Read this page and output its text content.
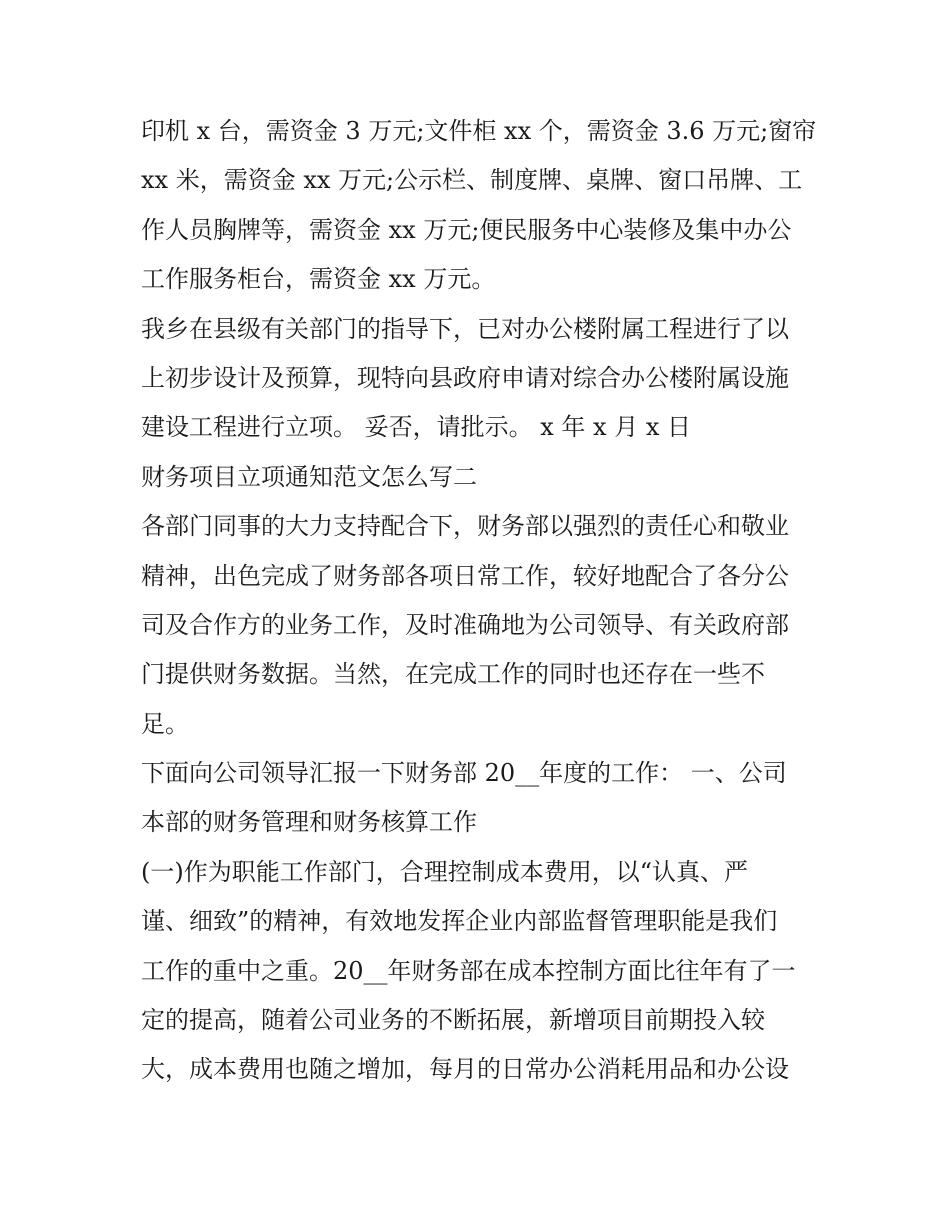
印机 x 台，需资金 3 万元;文件柜 xx 个，需资金 3.6 万元;窗帘
xx 米，需资金 xx 万元;公示栏、制度牌、桌牌、窗口吊牌、工
作人员胸牌等，需资金 xx 万元;便民服务中心装修及集中办公
工作服务柜台，需资金 xx 万元。
我乡在县级有关部门的指导下，已对办公楼附属工程进行了以
上初步设计及预算，现特向县政府申请对综合办公楼附属设施
建设工程进行立项。 妥否，请批示。 x 年 x 月 x 日
财务项目立项通知范文怎么写二
各部门同事的大力支持配合下，财务部以强烈的责任心和敬业
精神，出色完成了财务部各项日常工作，较好地配合了各分公
司及合作方的业务工作，及时准确地为公司领导、有关政府部
门提供财务数据。当然，在完成工作的同时也还存在一些不
足。
下面向公司领导汇报一下财务部 20__年度的工作： 一、公司
本部的财务管理和财务核算工作
(一)作为职能工作部门，合理控制成本费用，以“认真、严
谨、细致”的精神，有效地发挥企业内部监督管理职能是我们
工作的重中之重。20__年财务部在成本控制方面比往年有了一
定的提高，随着公司业务的不断拓展，新增项目前期投入较
大，成本费用也随之增加，每月的日常办公消耗用品和办公设
